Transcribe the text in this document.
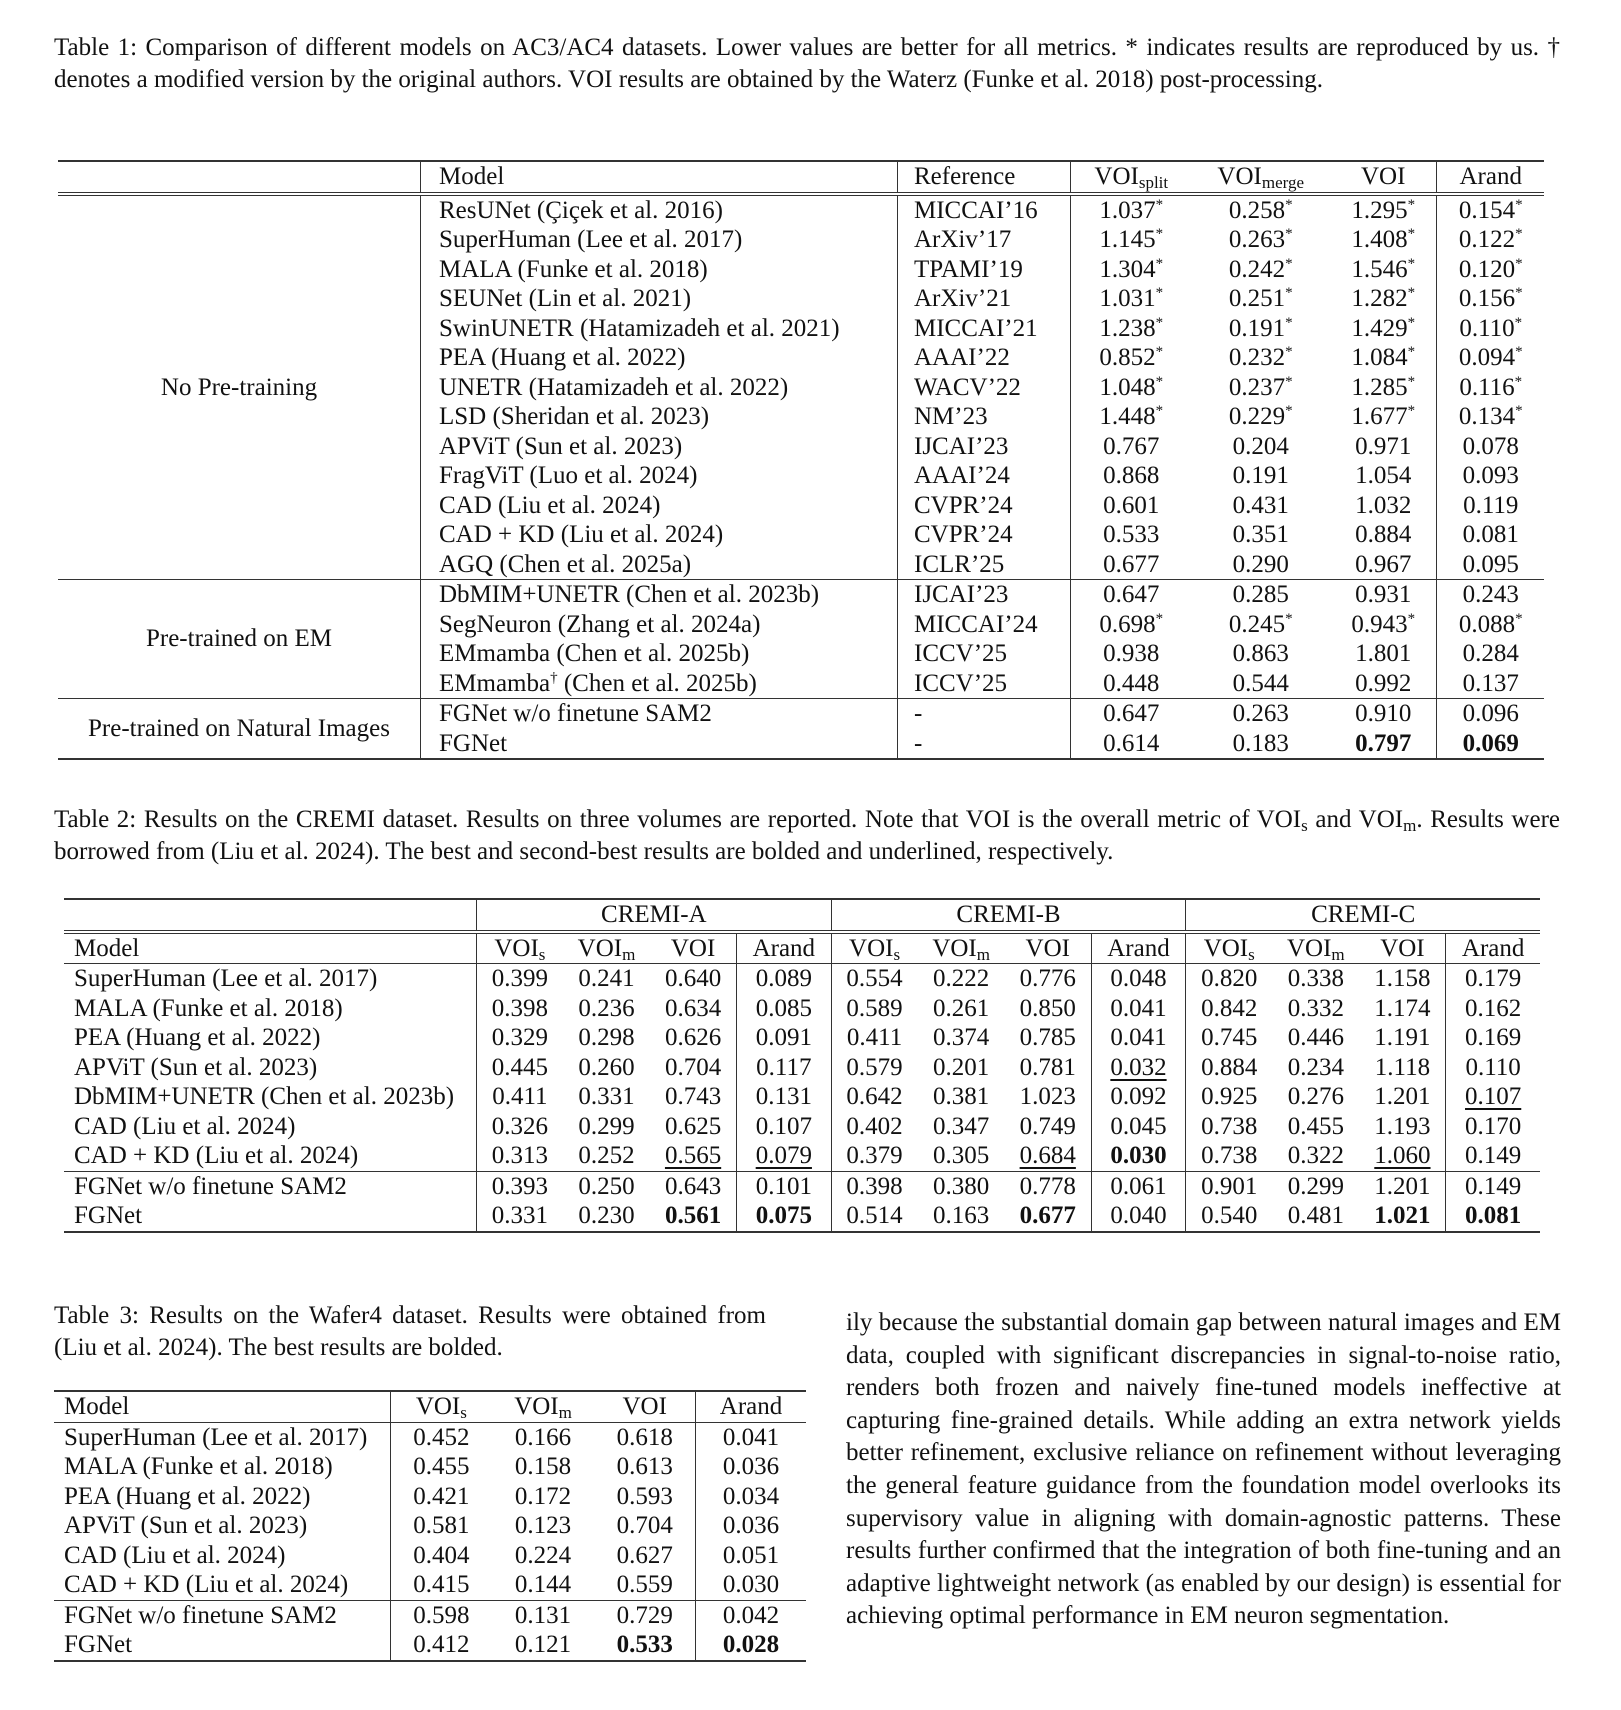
Table 1: Comparison of different models on AC3/AC4 datasets. Lower values are better for all metrics. * indicates results are reproduced by us. † denotes a modified version by the original authors. VOI results are obtained by the Waterz (Funke et al. 2018) post-processing.
	Model	Reference	$VOI_{split}$	$VOI_{merge}$	VOI	Arand
No Pre-training	ResUNet (Çiçek et al. 2016)	MICCAI’16	1.037*	0.258*	1.295*	0.154*
	SuperHuman (Lee et al. 2017)	ArXiv’17	1.145*	0.263*	1.408*	0.122*
	MALA (Funke et al. 2018)	TPAMI’19	1.304*	0.242*	1.546*	0.120*
	SEUNet (Lin et al. 2021)	ArXiv’21	1.031*	0.251*	1.282*	0.156*
	SwinUNETR (Hatamizadeh et al. 2021)	MICCAI’21	1.238*	0.191*	1.429*	0.110*
	PEA (Huang et al. 2022)	AAAI’22	0.852*	0.232*	1.084*	0.094*
	UNETR (Hatamizadeh et al. 2022)	WACV’22	1.048*	0.237*	1.285*	0.116*
	LSD (Sheridan et al. 2023)	NM’23	1.448*	0.229*	1.677*	0.134*
	APViT (Sun et al. 2023)	IJCAI’23	0.767	0.204	0.971	0.078
	FragViT (Luo et al. 2024)	AAAI’24	0.868	0.191	1.054	0.093
	CAD (Liu et al. 2024)	CVPR’24	0.601	0.431	1.032	0.119
	CAD + KD (Liu et al. 2024)	CVPR’24	0.533	0.351	0.884	0.081
	AGQ (Chen et al. 2025a)	ICLR’25	0.677	0.290	0.967	0.095
Pre-trained on EM	DbMIM+UNETR (Chen et al. 2023b)	IJCAI’23	0.647	0.285	0.931	0.243
	SegNeuron (Zhang et al. 2024a)	MICCAI’24	0.698*	0.245*	0.943*	0.088*
	EMmamba (Chen et al. 2025b)	ICCV’25	0.938	0.863	1.801	0.284
	EMmamba† (Chen et al. 2025b)	ICCV’25	0.448	0.544	0.992	0.137
Pre-trained on Natural Images	FGNet w/o finetune SAM2	-	0.647	0.263	0.910	0.096
	FGNet	-	0.614	0.183	0.797	0.069
Table 2: Results on the CREMI dataset. Results on three volumes are reported. Note that VOI is the overall metric of $VOI_s$ and $VOI_m$. Results were borrowed from (Liu et al. 2024). The best and second-best results are bolded and underlined, respectively.
	CREMI-A				CREMI-B				CREMI-C			
Model	$VOI_s$	$VOI_m$	VOI	Arand	$VOI_s$	$VOI_m$	VOI	Arand	$VOI_s$	$VOI_m$	VOI	Arand
SuperHuman (Lee et al. 2017)	0.399	0.241	0.640	0.089	0.554	0.222	0.776	0.048	0.820	0.338	1.158	0.179
MALA (Funke et al. 2018)	0.398	0.236	0.634	0.085	0.589	0.261	0.850	0.041	0.842	0.332	1.174	0.162
PEA (Huang et al. 2022)	0.329	0.298	0.626	0.091	0.411	0.374	0.785	0.041	0.745	0.446	1.191	0.169
APViT (Sun et al. 2023)	0.445	0.260	0.704	0.117	0.579	0.201	0.781	0.032	0.884	0.234	1.118	0.110
DbMIM+UNETR (Chen et al. 2023b)	0.411	0.331	0.743	0.131	0.642	0.381	1.023	0.092	0.925	0.276	1.201	0.107
CAD (Liu et al. 2024)	0.326	0.299	0.625	0.107	0.402	0.347	0.749	0.045	0.738	0.455	1.193	0.170
CAD + KD (Liu et al. 2024)	0.313	0.252	0.565	0.079	0.379	0.305	0.684	0.030	0.738	0.322	1.060	0.149
FGNet w/o finetune SAM2	0.393	0.250	0.643	0.101	0.398	0.380	0.778	0.061	0.901	0.299	1.201	0.149
FGNet	0.331	0.230	0.561	0.075	0.514	0.163	0.677	0.040	0.540	0.481	1.021	0.081
Table 3: Results on the Wafer4 dataset. Results were obtained from (Liu et al. 2024). The best results are bolded.
Model	$VOI_s$	$VOI_m$	VOI	Arand
SuperHuman (Lee et al. 2017)	0.452	0.166	0.618	0.041
MALA (Funke et al. 2018)	0.455	0.158	0.613	0.036
PEA (Huang et al. 2022)	0.421	0.172	0.593	0.034
APViT (Sun et al. 2023)	0.581	0.123	0.704	0.036
CAD (Liu et al. 2024)	0.404	0.224	0.627	0.051
CAD + KD (Liu et al. 2024)	0.415	0.144	0.559	0.030
FGNet w/o finetune SAM2	0.598	0.131	0.729	0.042
FGNet	0.412	0.121	0.533	0.028
ily because the substantial domain gap between natural images and EM data, coupled with significant discrepancies in signal-to-noise ratio, renders both frozen and naively fine-tuned models ineffective at capturing fine-grained details. While adding an extra network yields better refinement, exclusive reliance on refinement without leveraging the general feature guidance from the foundation model overlooks its supervisory value in aligning with domain-agnostic patterns. These results further confirmed that the integration of both fine-tuning and an adaptive lightweight network (as enabled by our design) is essential for achieving optimal performance in EM neuron segmentation.
